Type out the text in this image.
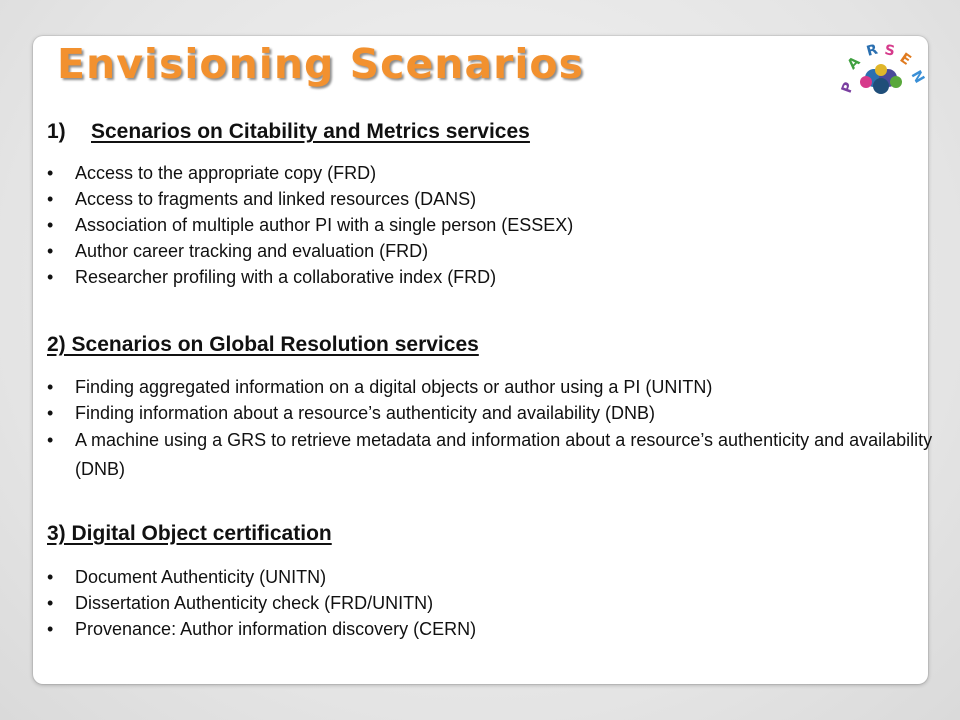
Envisioning Scenarios	P
A
R S E
N
1) Scenarios on Citability and Metrics services
• Access to the appropriate copy (FRD)
• Access to fragments and linked resources (DANS)
• Association of multiple author PI with a single person (ESSEX)
• Author career tracking and evaluation (FRD)
• Researcher profiling with a collaborative index (FRD)
2) Scenarios on Global Resolution services
• Finding aggregated information on a digital objects or author using a PI (UNITN)
• Finding information about a resource’s authenticity and availability (DNB)
• A machine using a GRS to retrieve metadata and information about a resource’s authenticity and availability (DNB)
3) Digital Object certification
• Document Authenticity (UNITN)
• Dissertation Authenticity check (FRD/UNITN)
• Provenance: Author information discovery (CERN)
